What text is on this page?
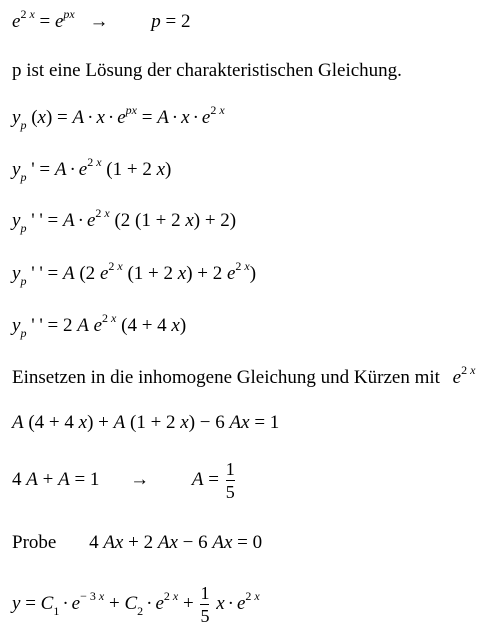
$e^{2 x} = e^{px} \to p = 2$
p ist eine Lösung der charakteristischen Gleichung.
$y_p$ $(x) = A \cdot x \cdot e^{px} = A \cdot x \cdot e^{2 x}$
$y_p$ ' = $A \cdot e^{2 x}$ (1 + 2 x)
$y_p$ ' ' = $A \cdot e^{2 x}$ (2 (1 + 2 x) + 2)
$y_p$ ' ' = A (2 $e^{2 x}$ (1 + 2 x) + 2 $e^{2 x}$)
$y_p$ ' ' = 2 A $e^{2 x}$ (4 + 4 x)
Einsetzen in die inhomogene Gleichung und Kürzen mit $e^{2 x}$
A (4 + 4 x) + A (1 + 2 x) − 6 Ax = 1
4 $A + A = 1 \to A = \frac{1}{5}$
Probe 4 Ax + 2 Ax − 6 Ax = 0
$y = C_1 \cdot e^{- 3 x} + C_2 \cdot e^{2 x} + \frac{1}{5}$ $x \cdot e^{2 x}$
